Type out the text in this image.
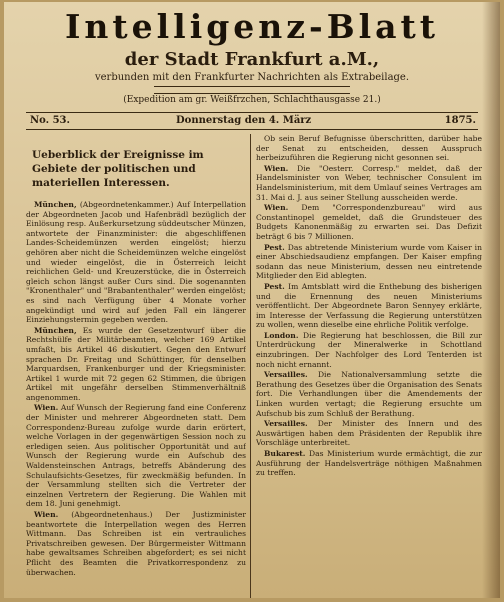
Intelligenz-Blatt
der Stadt Frankfurt a.M.,
verbunden mit den Frankfurter Nachrichten als Extrabeilage.
(Expedition am gr. Weißfrzchen, Schlachthausgasse 21.)
No. 53.	Donnerstag den 4. März	1875.
Ueberblick der Ereignisse im Gebiete der politischen und materiellen Interessen.

München, (Abgeordnetenkammer.) Auf Interpellation der Abgeordneten Jacob und Hafenbrädl bezüglich der Einlösung resp. Außerkursetzung süddeutscher Münzen, antwortete der Finanzminister: die abgeschliffenen Landes-Scheidemünzen werden eingelöst; hierzu gehören aber nicht die Scheidemünzen welche eingelöst und wieder eingelöst, die in Österreich leicht reichlichen Geld- und Kreuzerstücke, die in Österreich gleich schon längst außer Curs sind. Die sogenannten "Kronenthaler" und "Brabantenthaler" werden eingelöst; es sind nach Verfügung über 4 Monate vorher angekündigt und wird auf jeden Fall ein längerer Einziehungstermin gegeben werden.

München, Es wurde der Gesetzentwurf über die Rechtshülfe der Militärbeamten, welcher 169 Artikel umfaßt, bis Artikel 46 diskutiert. Gegen den Entwurf sprachen Dr. Freitag und Schüttinger, für denselben Marquardsen, Frankenburger und der Kriegsminister. Artikel 1 wurde mit 72 gegen 62 Stimmen, die übrigen Artikel mit ungefähr derselben Stimmenverhältniß angenommen.

Wien. Auf Wunsch der Regierung fand eine Conferenz der Minister und mehrerer Abgeordneten statt. Dem Correspondenz-Bureau zufolge wurde darin erörtert, welche Vorlagen in der gegenwärtigen Session noch zu erledigen seien. Aus politischer Opportunität und auf Wunsch der Regierung wurde ein Aufschub des Waldensteinschen Antrags, betreffs Abänderung des Schulaufsichts-Gesetzes, für zweckmäßig befunden. In der Versammlung stellten sich die Vertreter der einzelnen Vertretern der Regierung. Die Wahlen mit dem 18. Juni genehmigt.

Wien. (Abgeordnetenhaus.) Der Justizminister beantwortete die Interpellation wegen des Herren Wittmann. Das Schreiben ist ein vertrauliches Privatschreiben gewesen. Der Bürgermeister Wittmann habe gewaltsames Schreiben abgefordert; es sei nicht Pflicht des Beamten die Privatkorrespondenz zu überwachen.

Ob sein Beruf Befugnisse überschritten, darüber habe der Senat zu entscheiden, dessen Ausspruch herbeizuführen die Regierung nicht gesonnen sei.

Wien. Die "Oesterr. Corresp." meldet, daß der Handelsminister von Weber, technischer Consulent im Handelsministerium, mit dem Umlauf seines Vertrages am 31. Mai d. J. aus seiner Stellung ausscheiden werde.

Wien. Dem "Correspondenzbureau" wird aus Constantinopel gemeldet, daß die Grundsteuer des Budgets Kanonenmäßig zu erwarten sei. Das Defizit beträgt 6 bis 7 Millionen.

Pest. Das abtretende Ministerium wurde vom Kaiser in einer Abschiedsaudienz empfangen. Der Kaiser empfing sodann das neue Ministerium, dessen neu eintretende Mitglieder den Eid ablegten.

Pest. Im Amtsblatt wird die Enthebung des bisherigen und die Ernennung des neuen Ministeriums veröffentlicht. Der Abgeordnete Baron Sennyey erklärte, im Interesse der Verfassung die Regierung unterstützen zu wollen, wenn dieselbe eine ehrliche Politik verfolge.

London. Die Regierung hat beschlossen, die Bill zur Unterdrückung der Mineralwerke in Schottland einzubringen. Der Nachfolger des Lord Tenterden ist noch nicht ernannt.

Versailles. Die Nationalversammlung setzte die Berathung des Gesetzes über die Organisation des Senats fort. Die Verhandlungen über die Amendements der Linken wurden vertagt; die Regierung ersuchte um Aufschub bis zum Schluß der Berathung.

Versailles. Der Minister des Innern und des Auswärtigen haben dem Präsidenten der Republik ihre Vorschläge unterbreitet.

Bukarest. Das Ministerium wurde ermächtigt, die zur Ausführung der Handelsverträge nöthigen Maßnahmen zu treffen.
